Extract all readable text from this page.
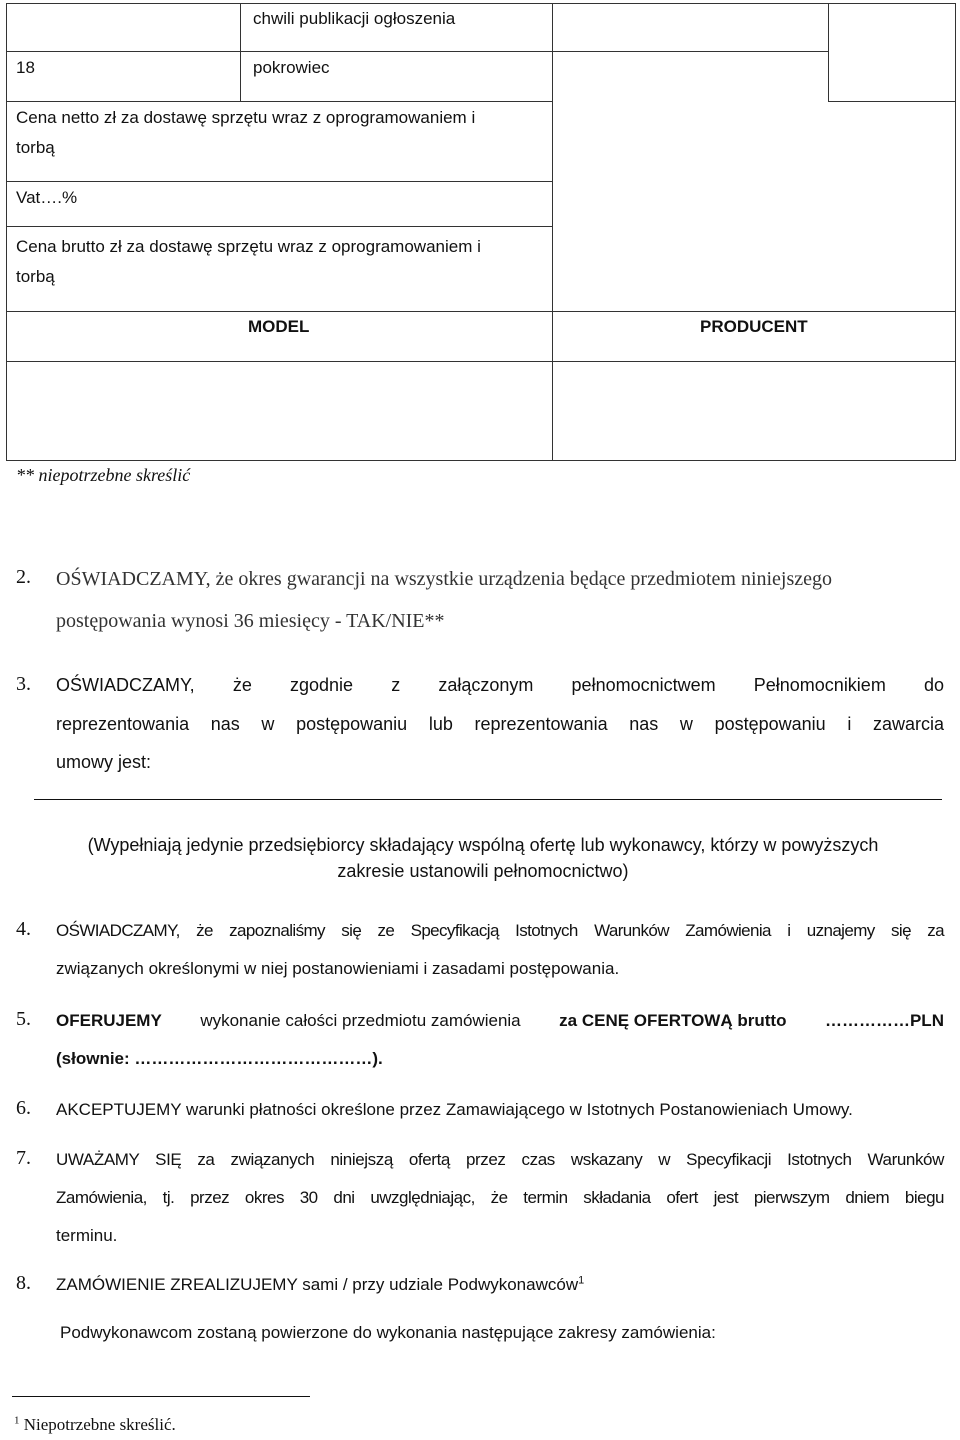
chwili publikacji ogłoszenia
18	pokrowiec
Cena netto zł za dostawę sprzętu wraz z oprogramowaniem i
torbą
Vat….%
Cena brutto zł za dostawę sprzętu wraz z oprogramowaniem i
torbą
MODEL	PRODUCENT
** niepotrzebne skreślić
2. OŚWIADCZAMY, że okres gwarancji na wszystkie urządzenia będące przedmiotem niniejszego
postępowania wynosi 36 miesięcy - TAK/NIE**
3. OŚWIADCZAMY, że zgodnie z załączonym pełnomocnictwem Pełnomocnikiem do
reprezentowania nas w postępowaniu lub reprezentowania nas w postępowaniu i zawarcia
umowy jest:
(Wypełniają jedynie przedsiębiorcy składający wspólną ofertę lub wykonawcy, którzy w powyższych
zakresie ustanowili pełnomocnictwo)
4. OŚWIADCZAMY, że zapoznaliśmy się ze Specyfikacją Istotnych Warunków Zamówienia i uznajemy się za
związanych określonymi w niej postanowieniami i zasadami postępowania.
5. OFERUJEMY wykonanie całości przedmiotu zamówienia za CENĘ OFERTOWĄ brutto ……………PLN
(słownie: ……………………………………).
6. AKCEPTUJEMY warunki płatności określone przez Zamawiającego w Istotnych Postanowieniach Umowy.
7. UWAŻAMY SIĘ za związanych niniejszą ofertą przez czas wskazany w Specyfikacji Istotnych Warunków
Zamówienia, tj. przez okres 30 dni uwzględniając, że termin składania ofert jest pierwszym dniem biegu
terminu.
8. ZAMÓWIENIE ZREALIZUJEMY sami / przy udziale Podwykonawców$^1$
Podwykonawcom zostaną powierzone do wykonania następujące zakresy zamówienia:
$^1$ Niepotrzebne skreślić.
